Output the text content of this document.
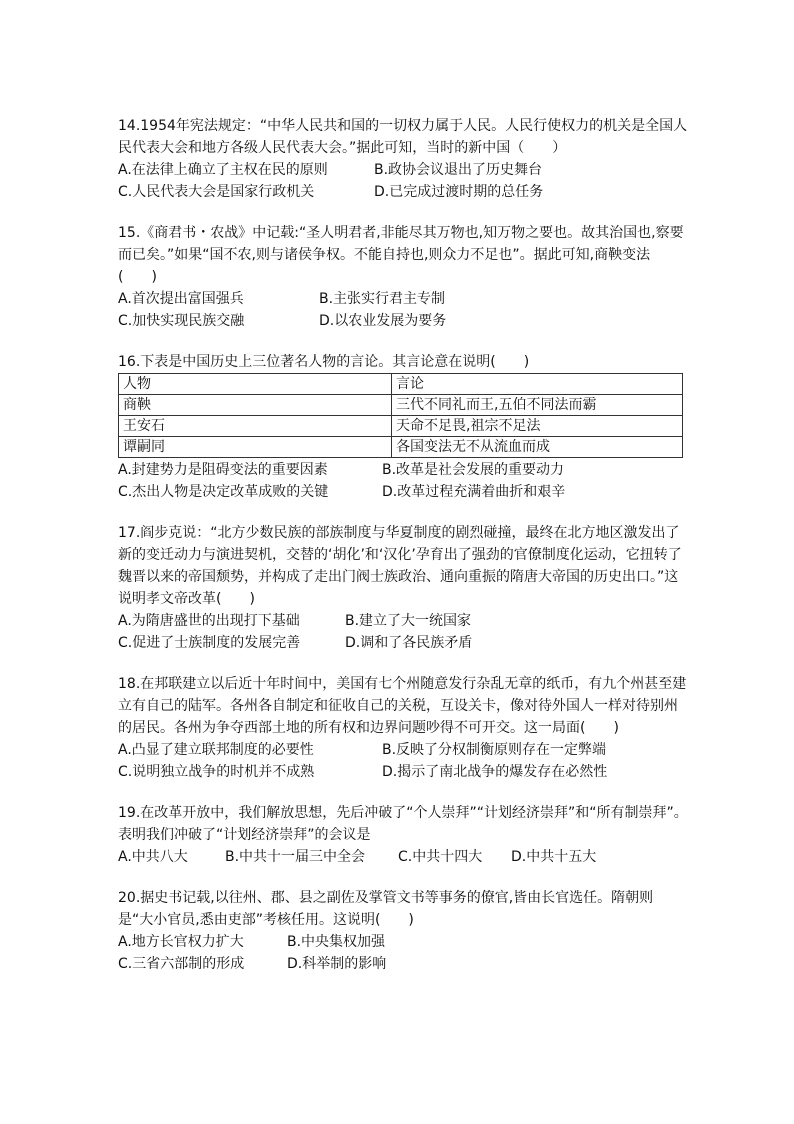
14.1954年宪法规定：“中华人民共和国的一切权力属于人民。人民行使权力的机关是全国人民代表大会和地方各级人民代表大会。”据此可知，当时的新中国（　　）

A.在法律上确立了主权在民的原则	B.政协会议退出了历史舞台
C.人民代表大会是国家行政机关	D.已完成过渡时期的总任务

15.《商君书・农战》中记载:“圣人明君者,非能尽其万物也,知万物之要也。故其治国也,察要而已矣。”如果“国不农,则与诸侯争权。不能自持也,则众力不足也”。据此可知,商鞅变法(　　)

A.首次提出富国强兵	B.主张实行君主专制
C.加快实现民族交融	D.以农业发展为要务

16.下表是中国历史上三位著名人物的言论。其言论意在说明(　　)

人物	言论
商鞅	三代不同礼而王,五伯不同法而霸
王安石	天命不足畏,祖宗不足法
谭嗣同	各国变法无不从流血而成
A.封建势力是阻碍变法的重要因素	B.改革是社会发展的重要动力
C.杰出人物是决定改革成败的关键	D.改革过程充满着曲折和艰辛

17.阎步克说：“北方少数民族的部族制度与华夏制度的剧烈碰撞，最终在北方地区激发出了新的变迁动力与演进契机，交替的‘胡化’和‘汉化’孕育出了强劲的官僚制度化运动，它扭转了魏晋以来的帝国颓势，并构成了走出门阀士族政治、通向重振的隋唐大帝国的历史出口。”这说明孝文帝改革(　　)

A.为隋唐盛世的出现打下基础	B.建立了大一统国家
C.促进了士族制度的发展完善	D.调和了各民族矛盾

18.在邦联建立以后近十年时间中，美国有七个州随意发行杂乱无章的纸币，有九个州甚至建立有自己的陆军。各州各自制定和征收自己的关税，互设关卡，像对待外国人一样对待别州的居民。各州为争夺西部土地的所有权和边界问题吵得不可开交。这一局面(　　)

A.凸显了建立联邦制度的必要性	B.反映了分权制衡原则存在一定弊端
C.说明独立战争的时机并不成熟	D.揭示了南北战争的爆发存在必然性

19.在改革开放中，我们解放思想，先后冲破了“个人崇拜”“计划经济崇拜”和“所有制崇拜”。表明我们冲破了“计划经济崇拜”的会议是

A.中共八大	B.中共十一届三中全会 C.中共十四大 D.中共十五大

20.据史书记载,以往州、郡、县之副佐及掌管文书等事务的僚官,皆由长官选任。隋朝则是“大小官员,悉由吏部”考核任用。这说明(　　)

A.地方长官权力扩大	B.中央集权加强
C.三省六部制的形成	D.科举制的影响
